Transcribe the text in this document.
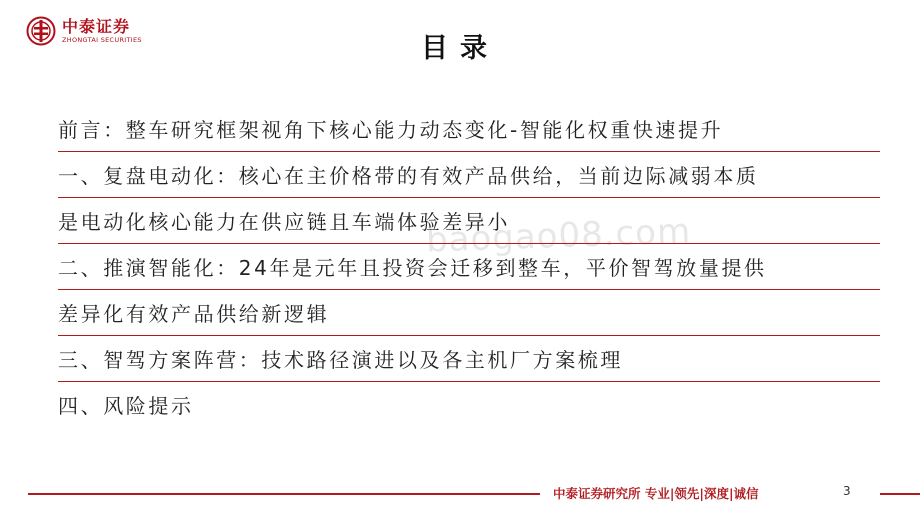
中泰证券
ZHONGTAI SECURITIES	目录
baogao08.com
前言：整车研究框架视角下核心能力动态变化-智能化权重快速提升
一、复盘电动化：核心在主价格带的有效产品供给，当前边际减弱本质
是电动化核心能力在供应链且车端体验差异小
二、推演智能化：24年是元年且投资会迁移到整车，平价智驾放量提供
差异化有效产品供给新逻辑
三、智驾方案阵营：技术路径演进以及各主机厂方案梳理
四、风险提示
中泰证券研究所 专业|领先|深度|诚信	3
